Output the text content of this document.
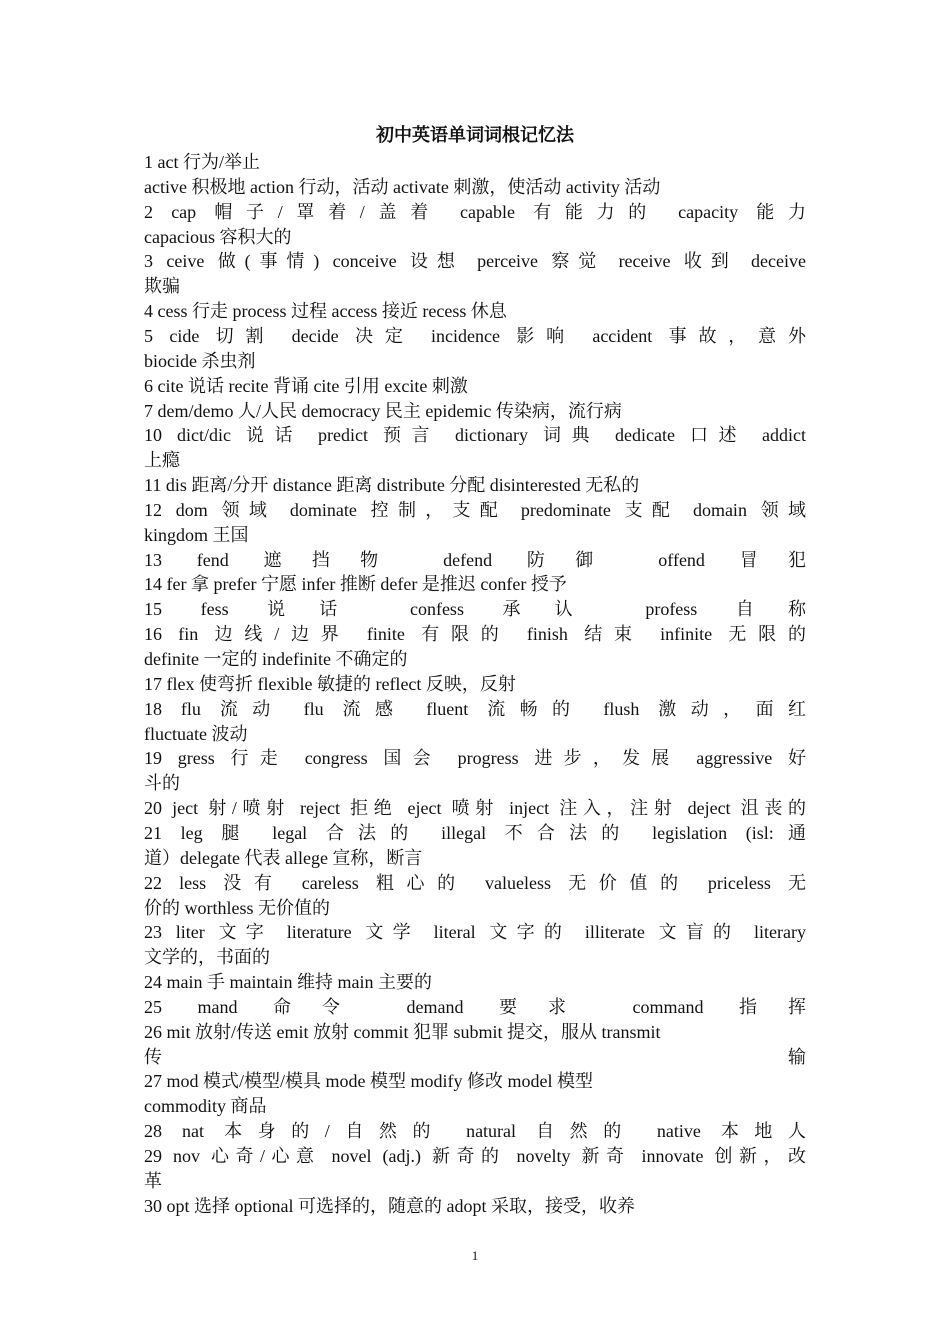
初中英语单词词根记忆法
1 act 行为/举止
active 积极地 action 行动，活动 activate 刺激，使活动 activity 活动
2 cap 帽子/罩着/盖着 capable 有能力的 capacity 能力
capacious 容积大的
3 ceive 做(事情) conceive 设想 perceive 察觉 receive 收到 deceive
欺骗
4 cess 行走 process 过程 access 接近 recess 休息
5 cide 切割 decide 决定 incidence 影响 accident 事故，意外
biocide 杀虫剂
6 cite 说话 recite 背诵 cite 引用 excite 刺激
7 dem/demo 人/人民 democracy 民主 epidemic 传染病，流行病
10 dict/dic 说话 predict 预言 dictionary 词典 dedicate 口述 addict
上瘾
11 dis 距离/分开 distance 距离 distribute 分配 disinterested 无私的
12 dom 领域 dominate 控制，支配 predominate 支配 domain 领域
kingdom 王国
13 fend 遮挡物 defend 防御 offend 冒犯
14 fer 拿 prefer 宁愿 infer 推断 defer 是推迟 confer 授予
15 fess 说话 confess 承认 profess 自称
16 fin 边线/边界 finite 有限的 finish 结束 infinite 无限的
definite 一定的 indefinite 不确定的
17 flex 使弯折 flexible 敏捷的 reflect 反映，反射
18 flu 流动 flu 流感 fluent 流畅的 flush 激动，面红
fluctuate 波动
19 gress 行走 congress 国会 progress 进步，发展 aggressive 好
斗的
20 ject 射/喷射 reject 拒绝 eject 喷射 inject 注入，注射 deject 沮丧的
21 leg 腿 legal 合法的 illegal 不合法的 legislation (isl:通
道）delegate 代表 allege 宣称，断言
22 less 没有 careless 粗心的 valueless 无价值的 priceless 无
价的 worthless 无价值的
23 liter 文字 literature 文学 literal 文字的 illiterate 文盲的 literary
文学的，书面的
24 main 手 maintain 维持 main 主要的
25 mand 命令 demand 要求 command 指挥
26 mit 放射/传送 emit 放射 commit 犯罪 submit 提交，服从 transmit
传输
27 mod 模式/模型/模具 mode 模型 modify 修改 model 模型
commodity 商品
28 nat 本身的/自然的 natural 自然的 native 本地人
29 nov 心奇/心意 novel (adj.) 新奇的 novelty 新奇 innovate 创新，改
革
30 opt 选择 optional 可选择的，随意的 adopt 采取，接受，收养
1
